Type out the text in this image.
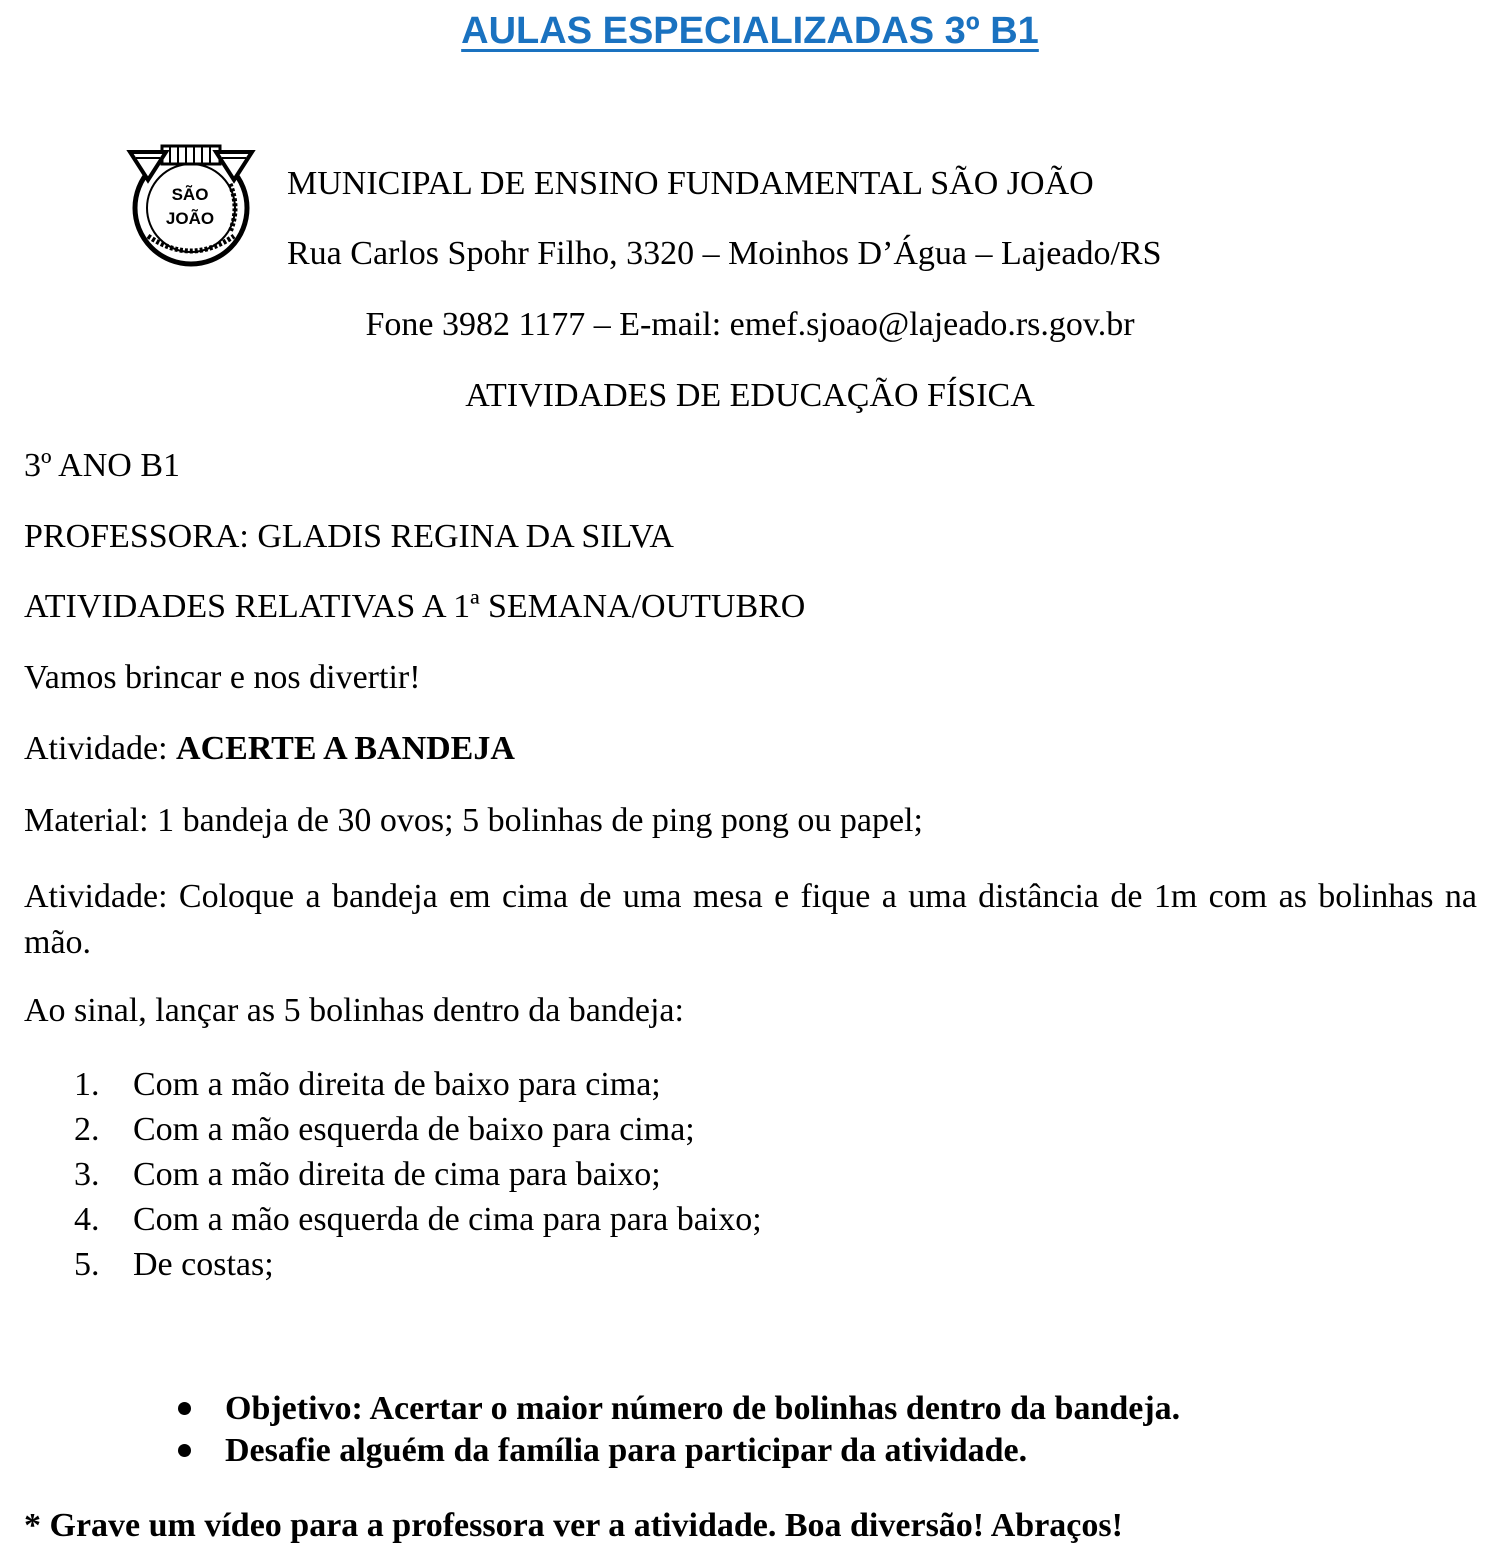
AULAS ESPECIALIZADAS 3º B1
SÃO
JOÃO
MUNICIPAL DE ENSINO FUNDAMENTAL SÃO JOÃO
Rua Carlos Spohr Filho, 3320 – Moinhos D’Água – Lajeado/RS
Fone 3982 1177 – E-mail: emef.sjoao@lajeado.rs.gov.br
ATIVIDADES DE EDUCAÇÃO FÍSICA
3º ANO B1
PROFESSORA: GLADIS REGINA DA SILVA
ATIVIDADES RELATIVAS A 1ª SEMANA/OUTUBRO
Vamos brincar e nos divertir!
Atividade: ACERTE A BANDEJA
Material: 1 bandeja de 30 ovos; 5 bolinhas de ping pong ou papel;
Atividade: Coloque a bandeja em cima de uma mesa e fique a uma distância de 1m com as bolinhas na mão.
Ao sinal, lançar as 5 bolinhas dentro da bandeja:
1. Com a mão direita de baixo para cima;
2. Com a mão esquerda de baixo para cima;
3. Com a mão direita de cima para baixo;
4. Com a mão esquerda de cima para para baixo;
5. De costas;
Objetivo: Acertar o maior número de bolinhas dentro da bandeja.
Desafie alguém da família para participar da atividade.
* Grave um vídeo para a professora ver a atividade. Boa diversão! Abraços!
